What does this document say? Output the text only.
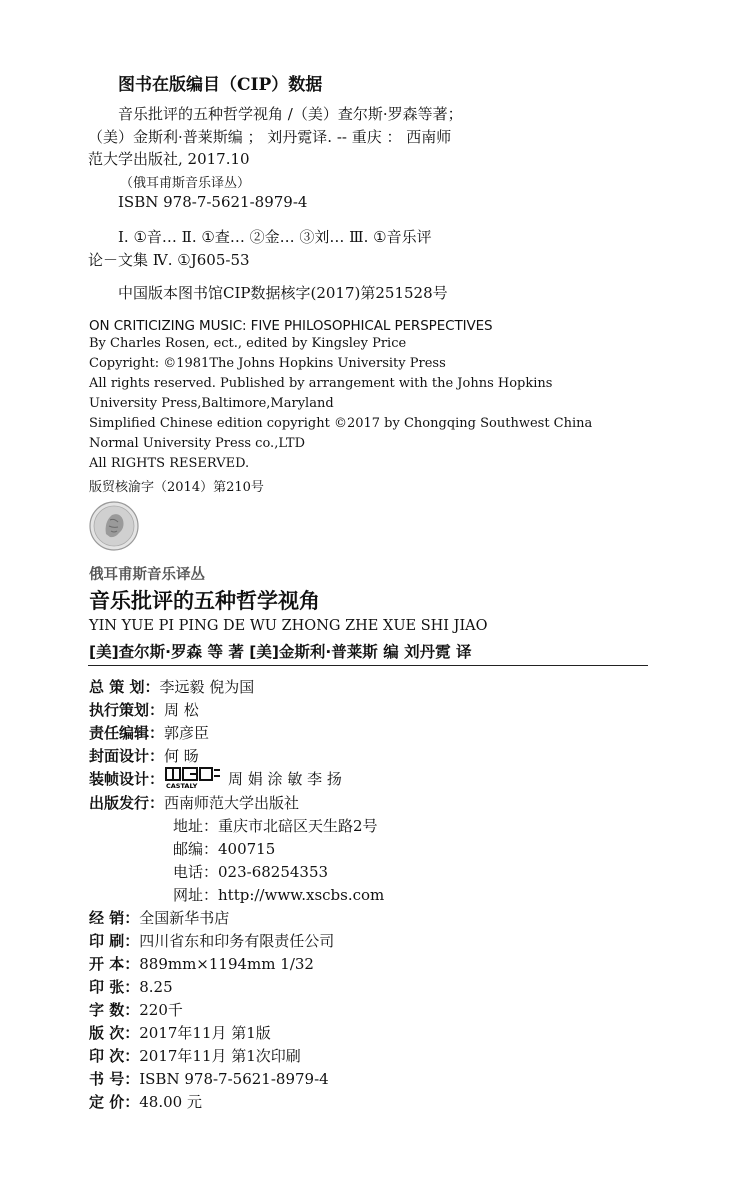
图书在版编目（CIP）数据
音乐批评的五种哲学视角 /（美）查尔斯·罗森等著；
（美）金斯利·普莱斯编 ； 刘丹霓译. -- 重庆 ： 西南师
范大学出版社, 2017.10
（俄耳甫斯音乐译丛）
ISBN 978-7-5621-8979-4
Ⅰ. ①音… Ⅱ. ①查… ②金… ③刘… Ⅲ. ①音乐评
论－文集 Ⅳ. ①J605-53
中国版本图书馆CIP数据核字(2017)第251528号
ON CRITICIZING MUSIC: FIVE PHILOSOPHICAL PERSPECTIVES
By Charles Rosen, ect., edited by Kingsley Price
Copyright: ©1981The Johns Hopkins University Press
All rights reserved. Published by arrangement with the Johns Hopkins
University Press,Baltimore,Maryland
Simplified Chinese edition copyright ©2017 by Chongqing Southwest China
Normal University Press co.,LTD
All RIGHTS RESERVED.
版贸核渝字（2014）第210号
俄耳甫斯音乐译丛
音乐批评的五种哲学视角
YIN YUE PI PING DE WU ZHONG ZHE XUE SHI JIAO
[美]查尔斯·罗森 等 著 [美]金斯利·普莱斯 编 刘丹霓 译
总 策 划：李远毅 倪为国
执行策划：周 松
责任编辑：郭彦臣
封面设计：何 旸
装帧设计： CASTALY 周 娟 涂 敏 李 扬
出版发行：西南师范大学出版社
地址：重庆市北碚区天生路2号
邮编：400715
电话：023-68254353
网址：http://www.xscbs.com
经 销：全国新华书店
印 刷：四川省东和印务有限责任公司
开 本：889mm×1194mm 1/32
印 张：8.25
字 数：220千
版 次：2017年11月 第1版
印 次：2017年11月 第1次印刷
书 号：ISBN 978-7-5621-8979-4
定 价：48.00 元
